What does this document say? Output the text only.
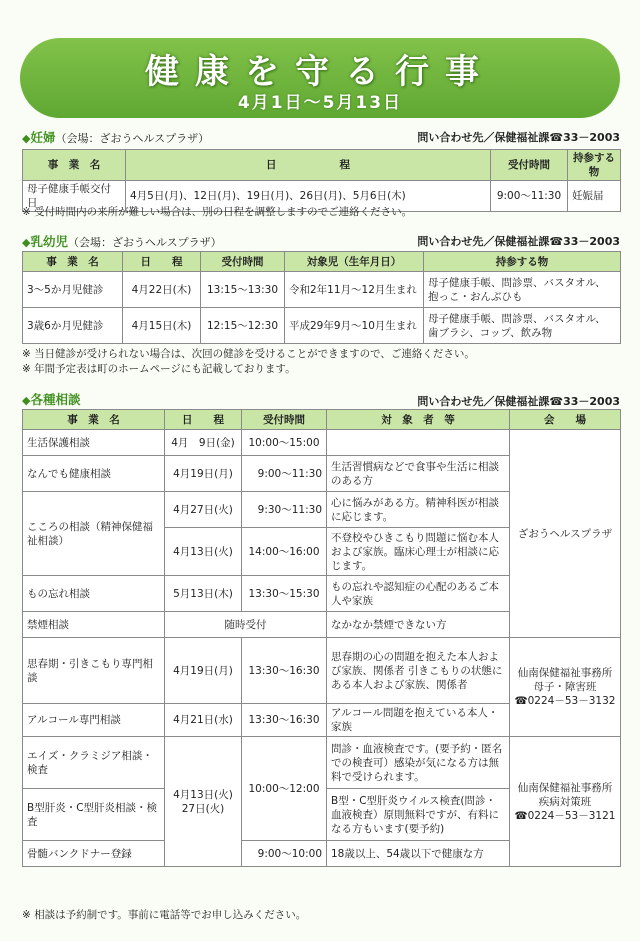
健康を守る行事
4月1日～5月13日
◆妊婦（会場：ざおうヘルスプラザ）	問い合わせ先／保健福祉課☎33－2003
事　業　名	日　　　　　　程	受付時間	持参する物
母子健康手帳交付日	4月5日(月)、12日(月)、19日(月)、26日(月)、5月6日(木)	9:00～11:30	妊娠届
※ 受付時間内の来所が難しい場合は、別の日程を調整しますのでご連絡ください。
◆乳幼児（会場：ざおうヘルスプラザ）	問い合わせ先／保健福祉課☎33－2003
事　業　名	日　　程	受付時間	対象児（生年月日）	持参する物
3～5か月児健診	4月22日(木)	13:15～13:30	令和2年11月～12月生まれ	母子健康手帳、問診票、バスタオル、抱っこ・おんぶひも
3歳6か月児健診	4月15日(木)	12:15～12:30	平成29年9月～10月生まれ	母子健康手帳、問診票、バスタオル、歯ブラシ、コップ、飲み物
※ 当日健診が受けられない場合は、次回の健診を受けることができますので、ご連絡ください。
※ 年間予定表は町のホームページにも記載しております。
◆各種相談	問い合わせ先／保健福祉課☎33－2003
事　業　名	日　　程	受付時間	対　象　者　等	会　　場
生活保護相談	4月　9日(金)	10:00～15:00		ざおうヘルスプラザ
なんでも健康相談	4月19日(月)	9:00～11:30	生活習慣病などで食事や生活に相談のある方	
こころの相談（精神保健福祉相談）	4月27日(火)	9:30～11:30	心に悩みがある方。精神科医が相談に応じます。	
	4月13日(火)	14:00～16:00	不登校やひきこもり問題に悩む本人および家族。臨床心理士が相談に応じます。	
もの忘れ相談	5月13日(木)	13:30～15:30	もの忘れや認知症の心配のあるご本人や家族	
禁煙相談	随時受付		なかなか禁煙できない方	
思春期・引きこもり専門相談	4月19日(月)	13:30～16:30	思春期の心の問題を抱えた本人および家族、関係者 引きこもりの状態にある本人および家族、関係者	仙南保健福祉事務所
母子・障害班
☎0224－53－3132

アルコール専門相談	4月21日(水)	13:30～16:30	アルコール問題を抱えている本人・家族	
エイズ・クラミジア相談・検査	4月13日(火) 27日(火)	10:00～12:00	問診・血液検査です。(要予約・匿名での検査可）感染が気になる方は無料で受けられます。	仙南保健福祉事務所
疾病対策班
☎0224－53－3121

B型肝炎・C型肝炎相談・検査			B型・C型肝炎ウイルス検査(問診・血液検査）原則無料ですが、有料になる方もいます(要予約)	
骨髄バンクドナー登録		9:00～10:00	18歳以上、54歳以下で健康な方	
※ 相談は予約制です。事前に電話等でお申し込みください。
